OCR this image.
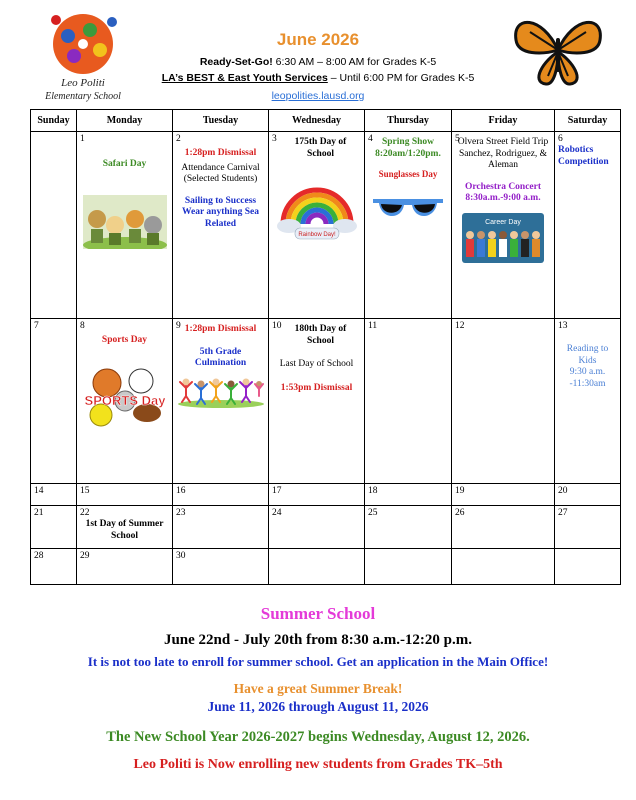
Leo Politi
Elementary School
June 2026
Ready-Set-Go! 6:30 AM – 8:00 AM for Grades K-5
LA’s BEST & East Youth Services – Until 6:00 PM for Grades K-5
leopolities.lausd.org
Sunday	Monday	Tuesday	Wednesday	Thursday	Friday	Saturday

	1
Safari Day	2
1:28pm Dismissal
Attendance Carnival (Selected Students)
Sailing to Success Wear anything Sea Related	3 175th Day of School
Rainbow Day!	4 Spring Show 8:20am/1:20pm.
Sunglasses Day	5
Olvera Street Field Trip Sanchez, Rodriguez, & Aleman
Orchestra Concert 8:30a.m.-9:00 a.m.
Career Day	6
Robotics Competition

7	8
Sports Day
SPORTS Day	9 1:28pm Dismissal
5th Grade Culmination	10 180th Day of School
Last Day of School
1:53pm Dismissal	11	12	13
Reading to Kids
9:30 a.m. -11:30am

14	15	16	17	18	19	20

21	22
1st Day of Summer School	23	24	25	26	27

28	29	30				

Summer School
June 22nd - July 20th from 8:30 a.m.-12:20 p.m.
It is not too late to enroll for summer school. Get an application in the Main Office!
Have a great Summer Break!
June 11, 2026 through August 11, 2026
The New School Year 2026-2027 begins Wednesday, August 12, 2026.
Leo Politi is Now enrolling new students from Grades TK–5th
